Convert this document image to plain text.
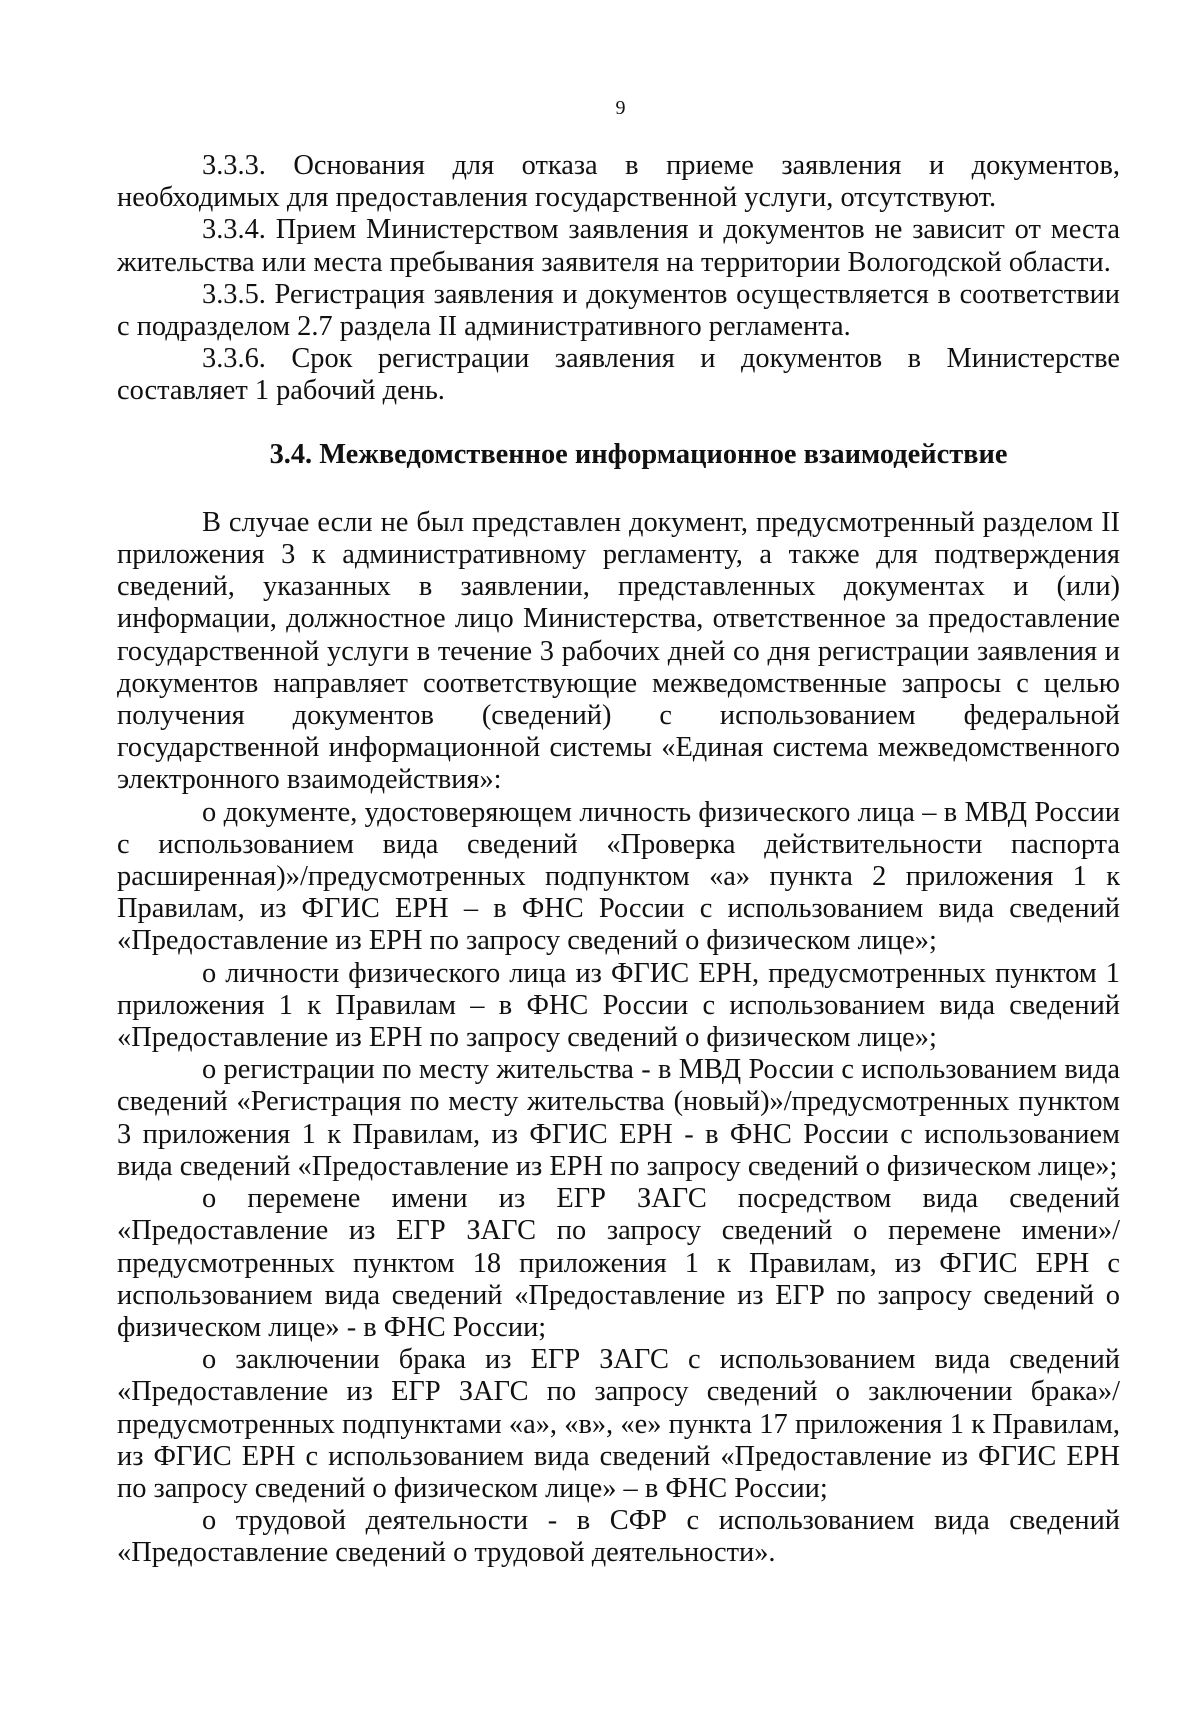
9

3.3.3. Основания для отказа в приеме заявления и документов, необходимых для предоставления государственной услуги, отсутствуют.

3.3.4. Прием Министерством заявления и документов не зависит от места жительства или места пребывания заявителя на территории Вологодской области.

3.3.5. Регистрация заявления и документов осуществляется в соответствии с подразделом 2.7 раздела II административного регламента.

3.3.6. Срок регистрации заявления и документов в Министерстве составляет 1 рабочий день.

3.4. Межведомственное информационное взаимодействие

В случае если не был представлен документ, предусмотренный разделом II приложения 3 к административному регламенту, а также для подтверждения сведений, указанных в заявлении, представленных документах и (или) информации, должностное лицо Министерства, ответственное за предоставление государственной услуги в течение 3 рабочих дней со дня регистрации заявления и документов направляет соответствующие межведомственные запросы с целью получения документов (сведений) с использованием федеральной государственной информационной системы «Единая система межведомственного электронного взаимодействия»:

о документе, удостоверяющем личность физического лица – в МВД России с использованием вида сведений «Проверка действительности паспорта расширенная)»/предусмотренных подпунктом «а» пункта 2 приложения 1 к Правилам, из ФГИС ЕРН – в ФНС России с использованием вида сведений «Предоставление из ЕРН по запросу сведений о физическом лице»;

о личности физического лица из ФГИС ЕРН, предусмотренных пунктом 1 приложения 1 к Правилам – в ФНС России с использованием вида сведений «Предоставление из ЕРН по запросу сведений о физическом лице»;

о регистрации по месту жительства - в МВД России с использованием вида сведений «Регистрация по месту жительства (новый)»/предусмотренных пунктом 3 приложения 1 к Правилам, из ФГИС ЕРН - в ФНС России с использованием вида сведений «Предоставление из ЕРН по запросу сведений о физическом лице»;

о перемене имени из ЕГР ЗАГС посредством вида сведений «Предоставление из ЕГР ЗАГС по запросу сведений о перемене имени»/предусмотренных пунктом 18 приложения 1 к Правилам, из ФГИС ЕРН с использованием вида сведений «Предоставление из ЕГР по запросу сведений о физическом лице» - в ФНС России;

о заключении брака из ЕГР ЗАГС с использованием вида сведений «Предоставление из ЕГР ЗАГС по запросу сведений о заключении брака»/предусмотренных подпунктами «а», «в», «е» пункта 17 приложения 1 к Правилам, из ФГИС ЕРН с использованием вида сведений «Предоставление из ФГИС ЕРН по запросу сведений о физическом лице» – в ФНС России;

о трудовой деятельности - в СФР с использованием вида сведений «Предоставление сведений о трудовой деятельности».
